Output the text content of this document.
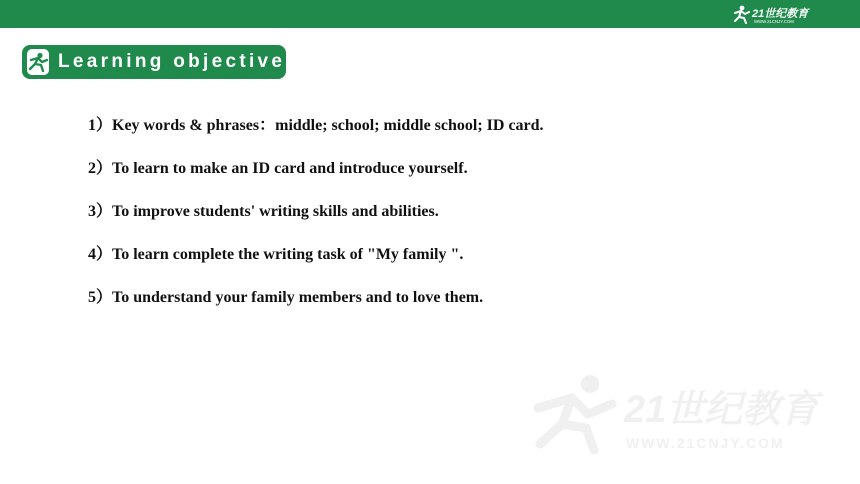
21世纪教育
WWW.21CNJY.COM
Learning objectives
1）Key words & phrases：middle; school; middle school; ID card.
2）To learn to make an ID card and introduce yourself.
3）To improve students' writing skills and abilities.
4）To learn complete the writing task of "My family ".
5）To understand your family members and to love them.
21世纪教育
WWW.21CNJY.COM
